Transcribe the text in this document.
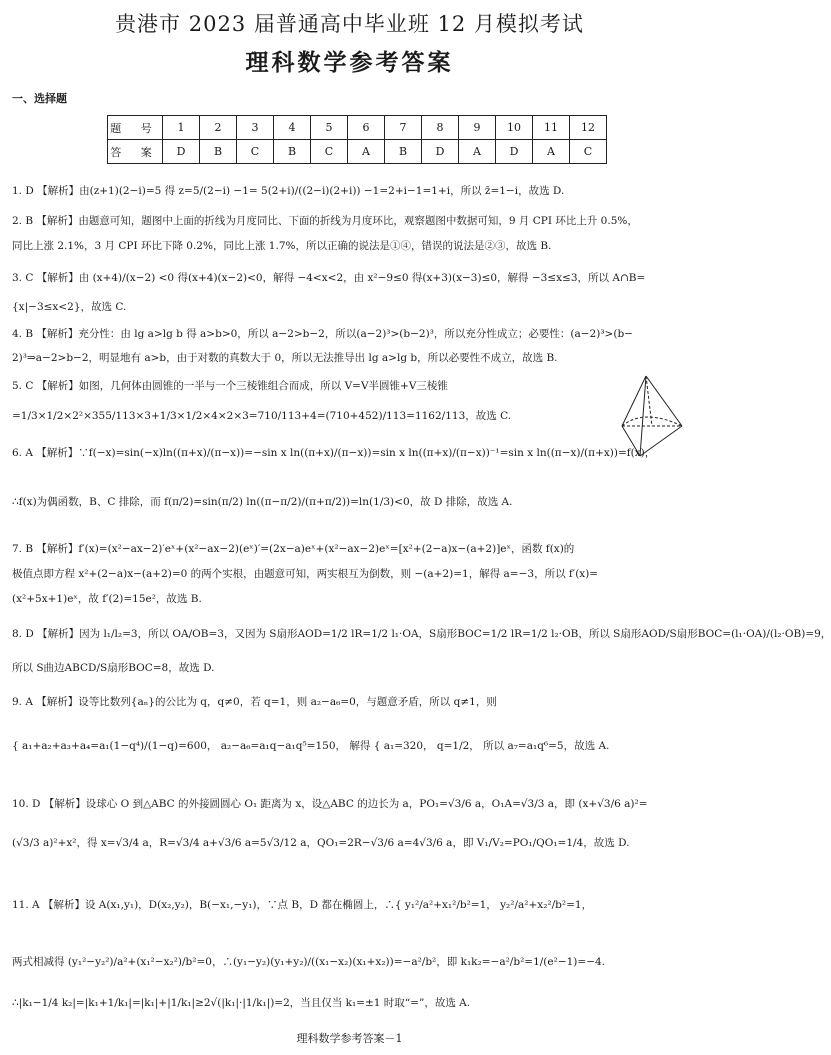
贵港市 2023 届普通高中毕业班 12 月模拟考试
理科数学参考答案
一、选择题
题 号	1	2	3	4	5	6	7	8	9	10	11	12
答 案	D	B	C	B	C	A	B	D	A	D	A	C
1. D 【解析】由(z+1)(2−i)=5 得 z=5/(2−i) −1= 5(2+i)/((2−i)(2+i)) −1=2+i−1=1+i，所以 z̄=1−i，故选 D.
2. B 【解析】由题意可知，题图中上面的折线为月度同比、下面的折线为月度环比，观察题图中数据可知，9 月 CPI 环比上升 0.5%，
同比上涨 2.1%，3 月 CPI 环比下降 0.2%，同比上涨 1.7%，所以正确的说法是①④，错误的说法是②③，故选 B.
3. C 【解析】由 (x+4)/(x−2) <0 得(x+4)(x−2)<0，解得 −4<x<2，由 x²−9≤0 得(x+3)(x−3)≤0，解得 −3≤x≤3，所以 A∩B=
{x|−3≤x<2}，故选 C.
4. B 【解析】充分性：由 lg a>lg b 得 a>b>0，所以 a−2>b−2，所以(a−2)³>(b−2)³，所以充分性成立；必要性：(a−2)³>(b−
2)³⇒a−2>b−2，明显地有 a>b，由于对数的真数大于 0，所以无法推导出 lg a>lg b，所以必要性不成立，故选 B.
5. C 【解析】如图，几何体由圆锥的一半与一个三棱锥组合而成，所以 V=V半圆锥+V三棱锥
=1/3×1/2×2²×355/113×3+1/3×1/2×4×2×3=710/113+4=(710+452)/113=1162/113，故选 C.
6. A 【解析】∵f(−x)=sin(−x)ln((π+x)/(π−x))=−sin x ln((π+x)/(π−x))=sin x ln((π+x)/(π−x))⁻¹=sin x ln((π−x)/(π+x))=f(x)，
∴f(x)为偶函数，B、C 排除，而 f(π/2)=sin(π/2) ln((π−π/2)/(π+π/2))=ln(1/3)<0，故 D 排除，故选 A.
7. B 【解析】f′(x)=(x²−ax−2)′eˣ+(x²−ax−2)(eˣ)′=(2x−a)eˣ+(x²−ax−2)eˣ=[x²+(2−a)x−(a+2)]eˣ，函数 f(x)的
极值点即方程 x²+(2−a)x−(a+2)=0 的两个实根，由题意可知，两实根互为倒数，则 −(a+2)=1，解得 a=−3，所以 f′(x)=
(x²+5x+1)eˣ，故 f′(2)=15e²，故选 B.
8. D 【解析】因为 l₁/l₂=3，所以 OA/OB=3，又因为 S扇形AOD=1/2 lR=1/2 l₁·OA，S扇形BOC=1/2 lR=1/2 l₂·OB，所以 S扇形AOD/S扇形BOC=(l₁·OA)/(l₂·OB)=9，
所以 S曲边ABCD/S扇形BOC=8，故选 D.
9. A 【解析】设等比数列{aₙ}的公比为 q，q≠0，若 q=1，则 a₂−a₆=0，与题意矛盾，所以 q≠1，则
{ a₁+a₂+a₃+a₄=a₁(1−q⁴)/(1−q)=600， a₂−a₆=a₁q−a₁q⁵=150， 解得 { a₁=320， q=1/2， 所以 a₇=a₁q⁶=5，故选 A.
10. D 【解析】设球心 O 到△ABC 的外接圆圆心 O₁ 距离为 x，设△ABC 的边长为 a，PO₁=√3/6 a，O₁A=√3/3 a，即 (x+√3/6 a)²=
(√3/3 a)²+x²，得 x=√3/4 a，R=√3/4 a+√3/6 a=5√3/12 a，QO₁=2R−√3/6 a=4√3/6 a，即 V₁/V₂=PO₁/QO₁=1/4，故选 D.
11. A 【解析】设 A(x₁,y₁)，D(x₂,y₂)，B(−x₁,−y₁)，∵点 B，D 都在椭圆上，∴{ y₁²/a²+x₁²/b²=1， y₂²/a²+x₂²/b²=1，
两式相减得 (y₁²−y₂²)/a²+(x₁²−x₂²)/b²=0，∴(y₁−y₂)(y₁+y₂)/((x₁−x₂)(x₁+x₂))=−a²/b²，即 k₁k₂=−a²/b²=1/(e²−1)=−4.
∴|k₁−1/4 k₂|=|k₁+1/k₁|=|k₁|+|1/k₁|≥2√(|k₁|·|1/k₁|)=2，当且仅当 k₁=±1 时取“=”，故选 A.
理科数学参考答案－1
